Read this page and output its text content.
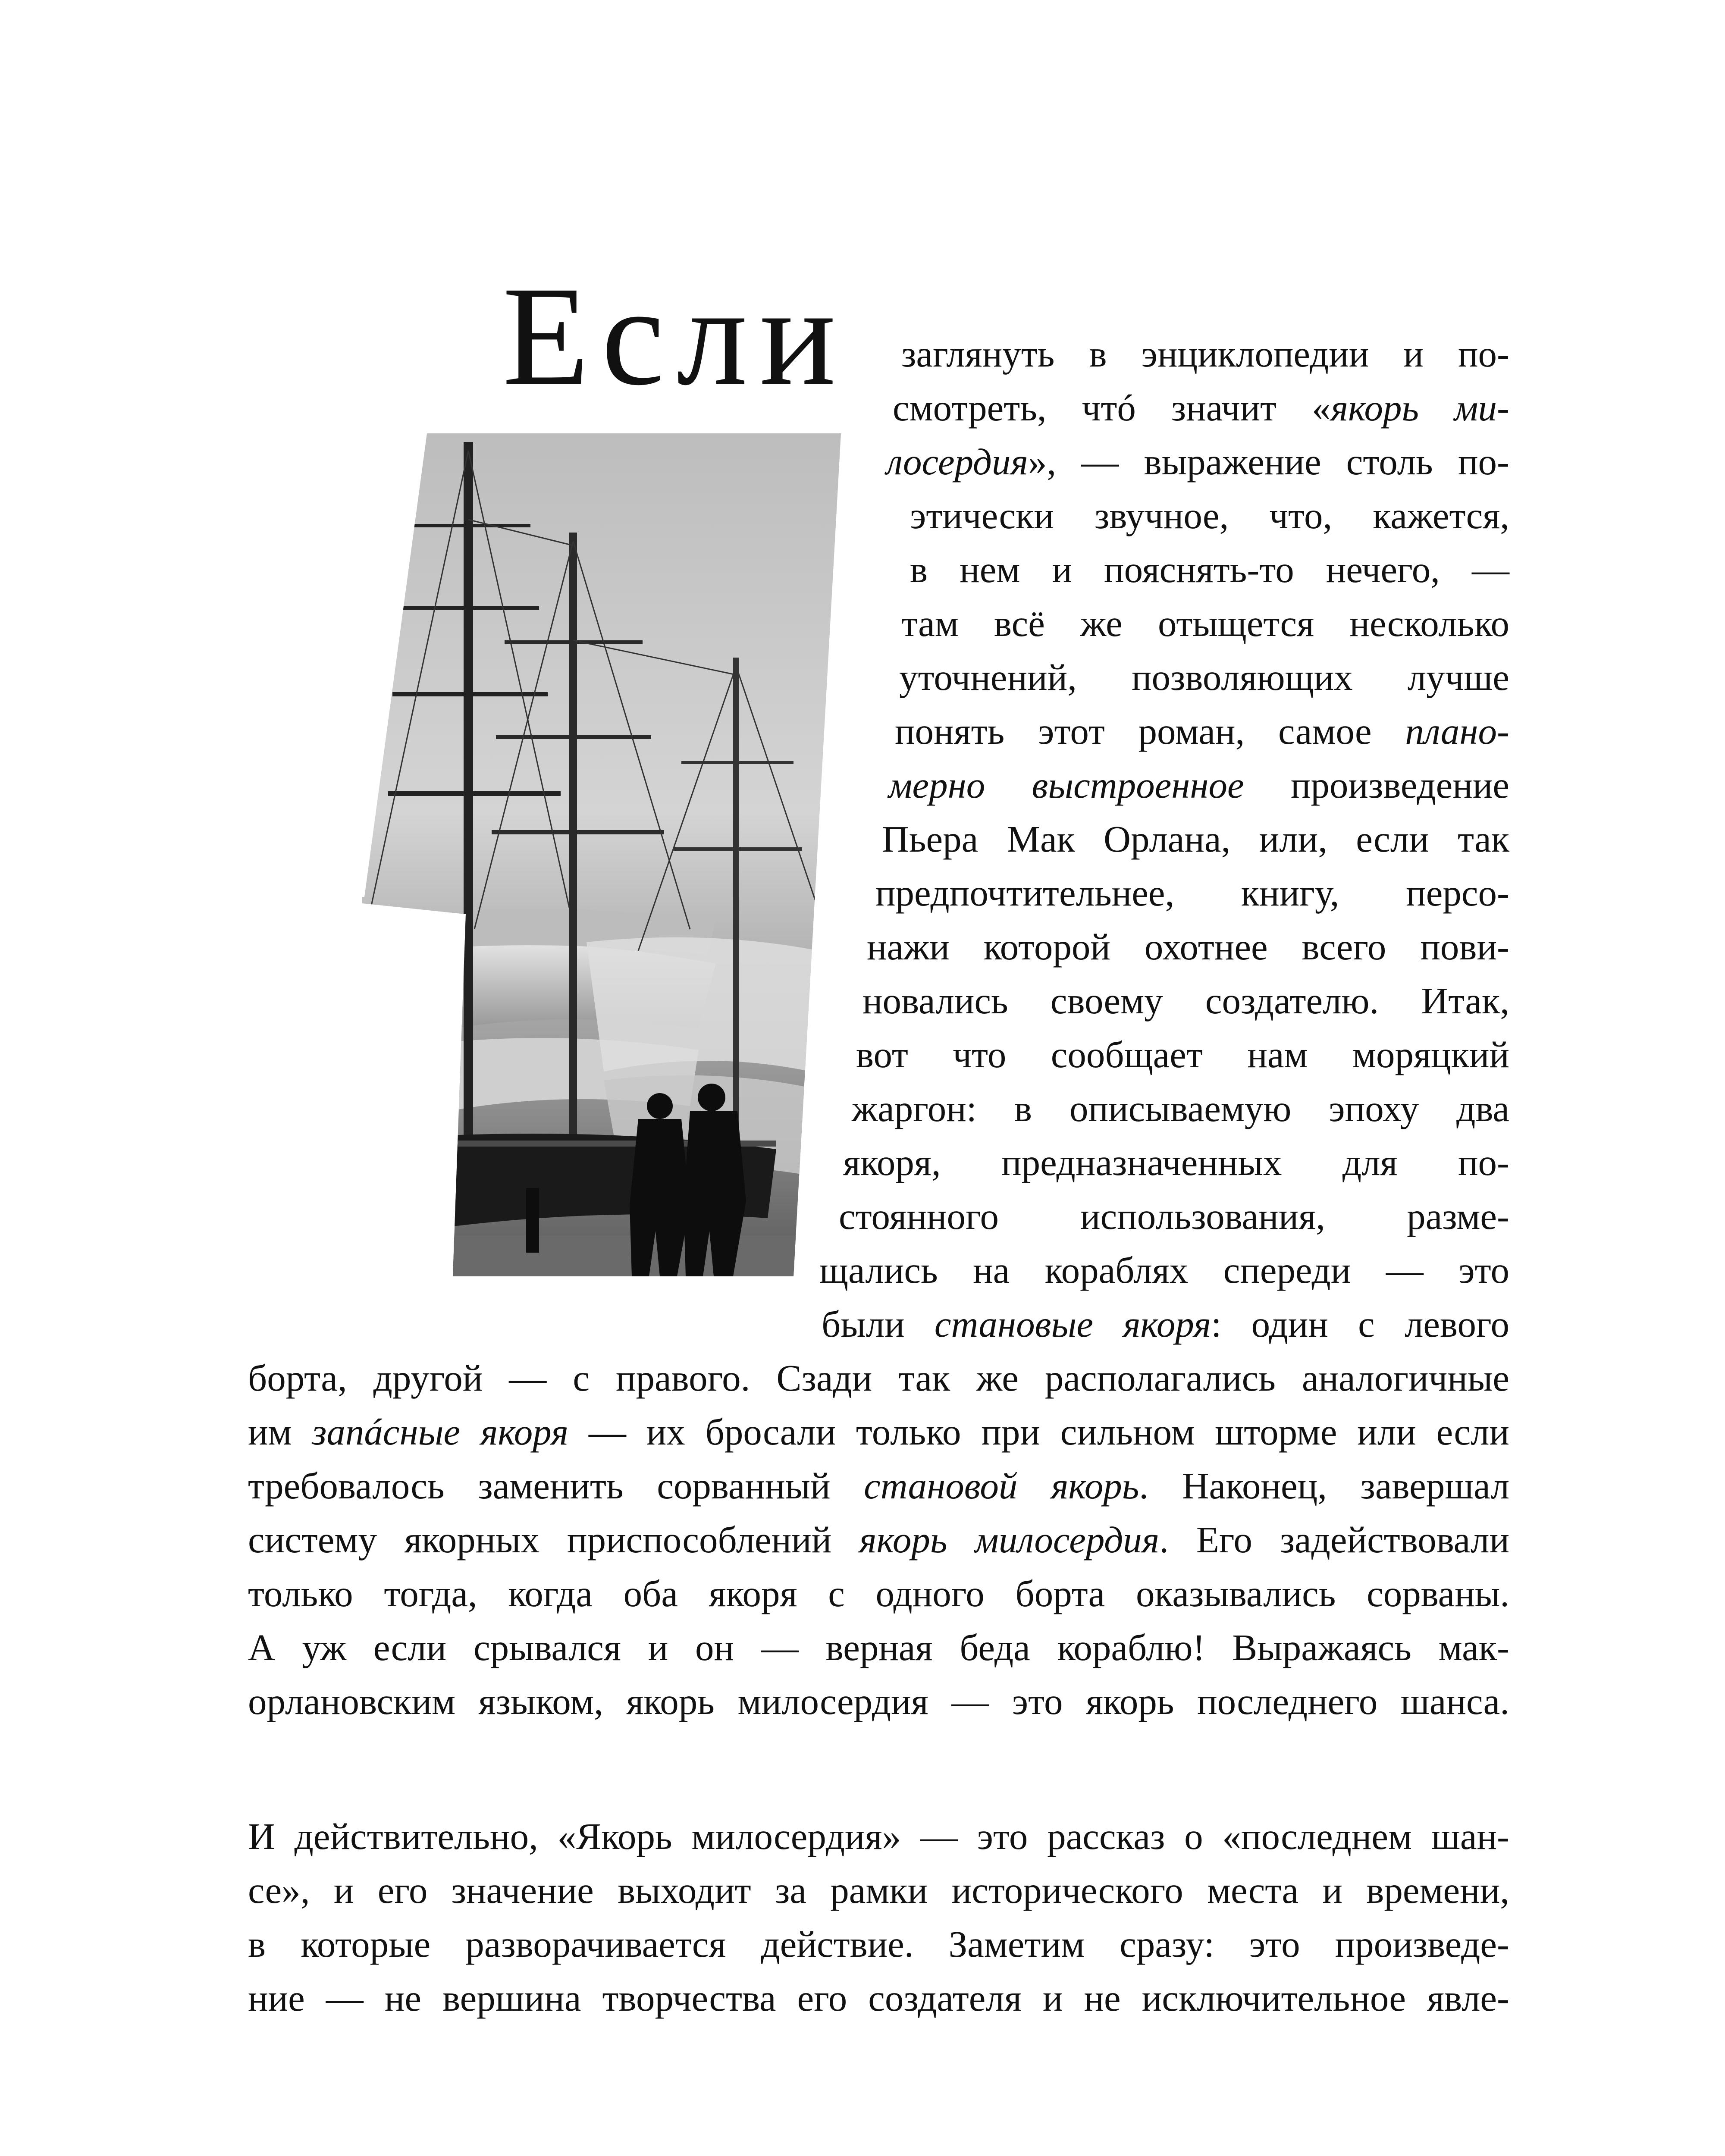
Если заглянуть в энциклопедии и по-
смотреть, чтó значит «якорь ми-
лосердия», — выражение столь по-
этически звучное, что, кажется,
в нем и пояснять-то нечего, —
там всё же отыщется несколько
уточнений, позволяющих лучше
понять этот роман, самое плано-
мерно выстроенное произведение
Пьера Мак Орлана, или, если так
предпочтительнее, книгу, персо-
нажи которой охотнее всего пови-
новались своему создателю. Итак,
вот что сообщает нам моряцкий
жаргон: в описываемую эпоху два
якоря, предназначенных для по-
стоянного использования, разме-
щались на кораблях спереди — это
были становые якоря: один с левого
борта, другой — с правого. Сзади так же располагались аналогичные
им запáсные якоря — их бросали только при сильном шторме или если
требовалось заменить сорванный становой якорь. Наконец, завершал
систему якорных приспособлений якорь милосердия. Его задействовали
только тогда, когда оба якоря с одного борта оказывались сорваны.
А уж если срывался и он — верная беда кораблю! Выражаясь мак-
орлановским языком, якорь милосердия — это якорь последнего шанса.
И действительно, «Якорь милосердия» — это рассказ о «последнем шан-
се», и его значение выходит за рамки исторического места и времени,
в которые разворачивается действие. Заметим сразу: это произведе-
ние — не вершина творчества его создателя и не исключительное явле-
